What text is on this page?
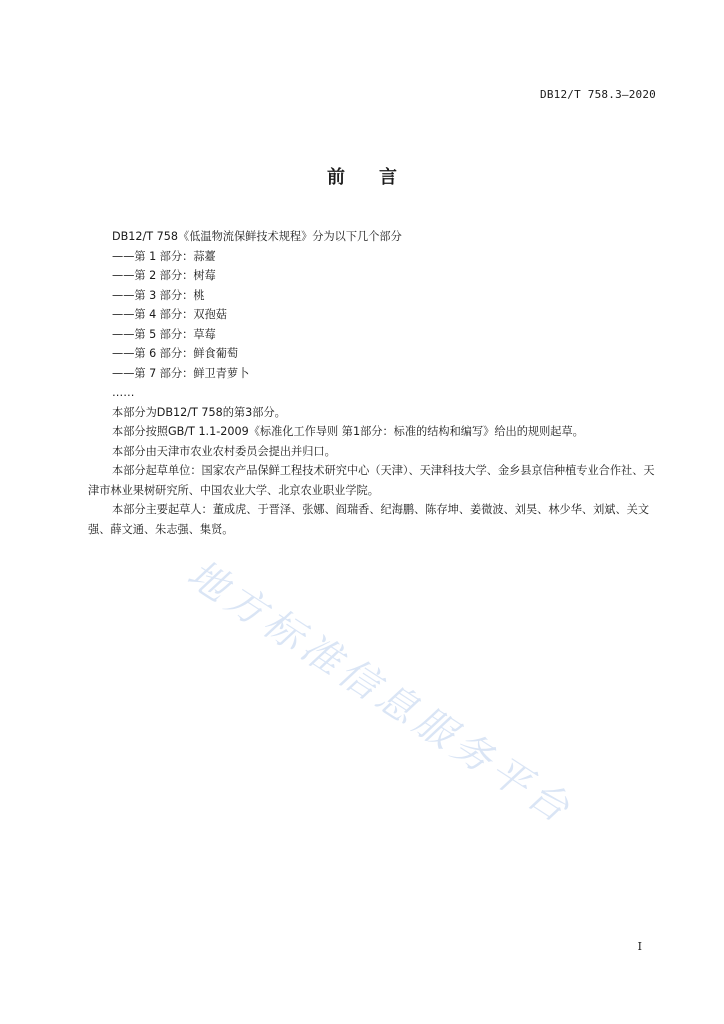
DB12/T 758.3—2020
前 言

DB12/T 758《低温物流保鲜技术规程》分为以下几个部分

——第 1 部分：蒜薹

——第 2 部分：树莓

——第 3 部分：桃

——第 4 部分：双孢菇

——第 5 部分：草莓

——第 6 部分：鲜食葡萄

——第 7 部分：鲜卫青萝卜

……

本部分为DB12/T 758的第3部分。

本部分按照GB/T 1.1-2009《标准化工作导则 第1部分：标准的结构和编写》给出的规则起草。

本部分由天津市农业农村委员会提出并归口。

本部分起草单位：国家农产品保鲜工程技术研究中心（天津）、天津科技大学、金乡县京信种植专业合作社、天津市林业果树研究所、中国农业大学、北京农业职业学院。

本部分主要起草人：董成虎、于晋泽、张娜、阎瑞香、纪海鹏、陈存坤、姜微波、刘昊、林少华、刘斌、关文强、薛文通、朱志强、集贤。

地方标准信息服务平台
I
